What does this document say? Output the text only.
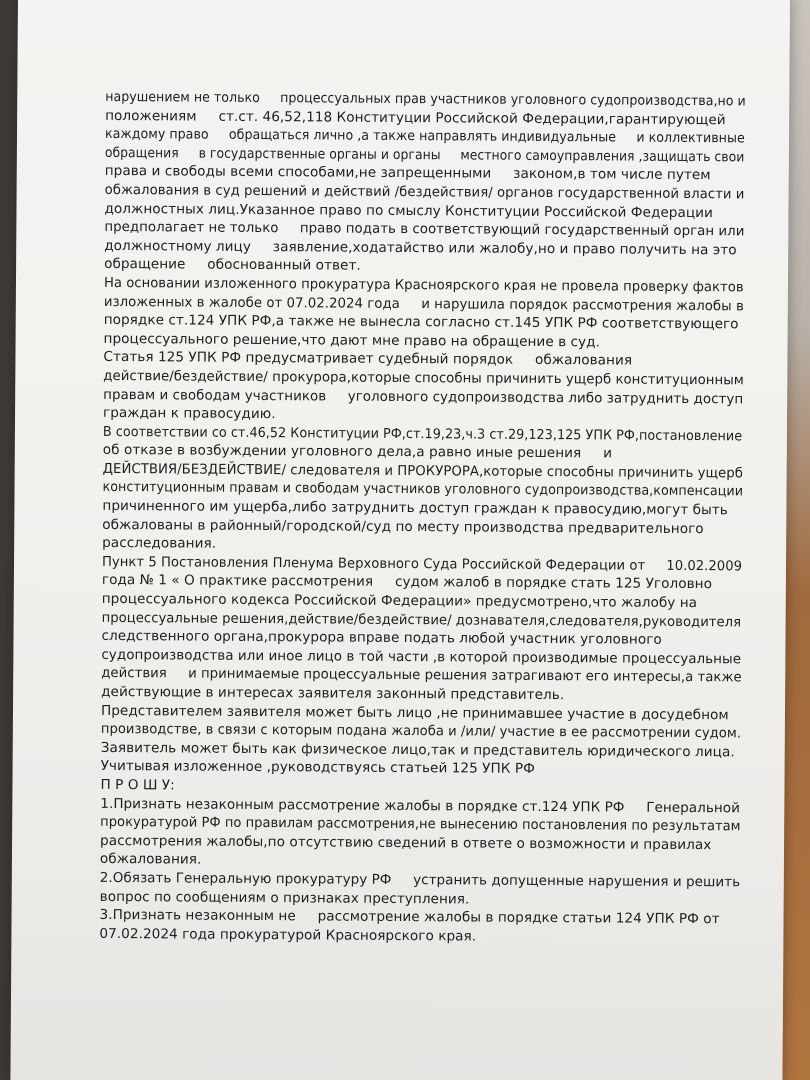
нарушением не только     процессуальных прав участников уголовного судопроизводства,но и
положениям     ст.ст. 46,52,118 Конституции Российской Федерации,гарантирующей
каждому право     обращаться лично ,а также направлять индивидуальные     и коллективные
обращения     в государственные органы и органы     местного самоуправления ,защищать свои
права и свободы всеми способами,не запрещенными     законом,в том числе путем
обжалования в суд решений и действий /бездействия/ органов государственной власти и
должностных лиц.Указанное право по смыслу Конституции Российской Федерации
предполагает не только     право подать в соответствующий государственный орган или
должностному лицу     заявление,ходатайство или жалобу,но и право получить на это
обращение     обоснованный ответ.
На основании изложенного прокуратура Красноярского края не провела проверку фактов
изложенных в жалобе от 07.02.2024 года     и нарушила порядок рассмотрения жалобы в
порядке ст.124 УПК РФ,а также не вынесла согласно ст.145 УПК РФ соответствующего
процессуального решение,что дают мне право на обращение в суд.
Статья 125 УПК РФ предусматривает судебный порядок     обжалования
действие/бездействие/ прокурора,которые способны причинить ущерб конституционным
правам и свободам участников     уголовного судопроизводства либо затруднить доступ
граждан к правосудию.
В соответствии со ст.46,52 Конституции РФ,ст.19,23,ч.3 ст.29,123,125 УПК РФ,постановление
об отказе в возбуждении уголовного дела,а равно иные решения     и
ДЕЙСТВИЯ/БЕЗДЕЙСТВИЕ/ следователя и ПРОКУРОРА,которые способны причинить ущерб
конституционным правам и свободам участников уголовного судопроизводства,компенсации
причиненного им ущерба,либо затруднить доступ граждан к правосудию,могут быть
обжалованы в районный/городской/суд по месту производства предварительного
расследования.
Пункт 5 Постановления Пленума Верховного Суда Российской Федерации от     10.02.2009
года № 1 « О практике рассмотрения     судом жалоб в порядке стать 125 Уголовно
процессуального кодекса Российской Федерации» предусмотрено,что жалобу на
процессуальные решения,действие/бездействие/ дознавателя,следователя,руководителя
следственного органа,прокурора вправе подать любой участник уголовного
судопроизводства или иное лицо в той части ,в которой производимые процессуальные
действия     и принимаемые процессуальные решения затрагивают его интересы,а также
действующие в интересах заявителя законный представитель.
Представителем заявителя может быть лицо ,не принимавшее участие в досудебном
производстве, в связи с которым подана жалоба и /или/ участие в ее рассмотрении судом.
Заявитель может быть как физическое лицо,так и представитель юридического лица.
Учитывая изложенное ,руководствуясь статьей 125 УПК РФ
П Р О Ш У:
1.Признать незаконным рассмотрение жалобы в порядке ст.124 УПК РФ     Генеральной
прокуратурой РФ по правилам рассмотрения,не вынесению постановления по результатам
рассмотрения жалобы,по отсутствию сведений в ответе о возможности и правилах
обжалования.
2.Обязать Генеральную прокуратуру РФ     устранить допущенные нарушения и решить
вопрос по сообщениям о признаках преступления.
3.Признать незаконным не     рассмотрение жалобы в порядке статьи 124 УПК РФ от
07.02.2024 года прокуратурой Красноярского края.
